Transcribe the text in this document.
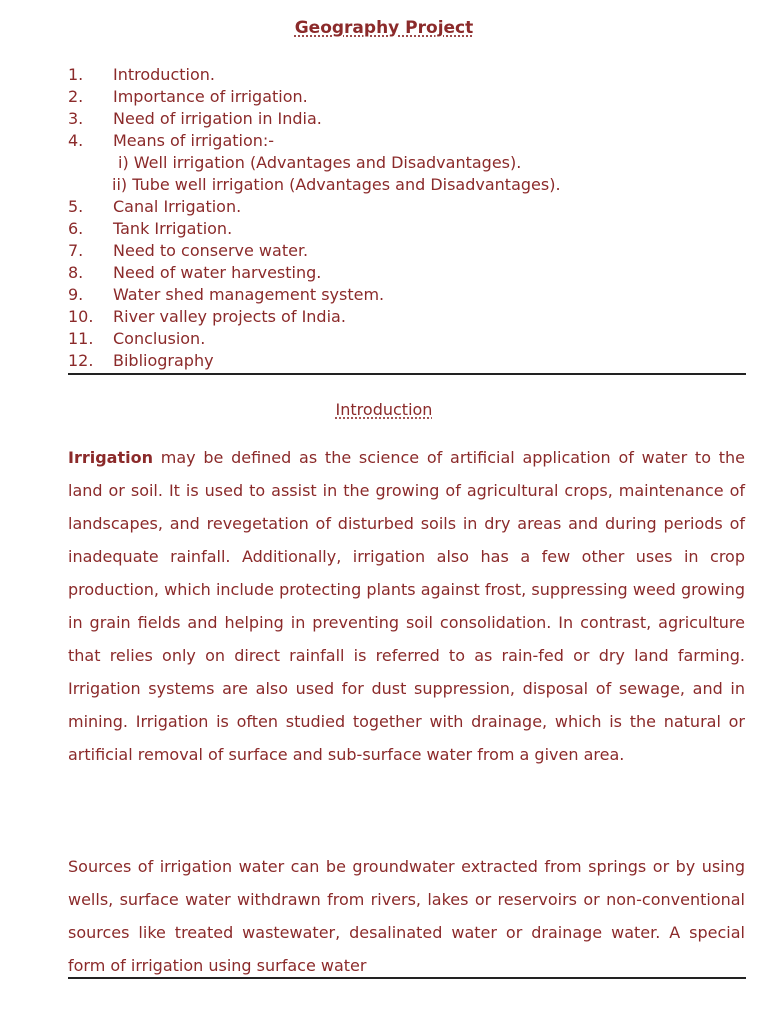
Geography Project
1. Introduction.
2. Importance of irrigation.
3. Need of irrigation in India.
4. Means of irrigation:-
i) Well irrigation (Advantages and Disadvantages).
ii) Tube well irrigation (Advantages and Disadvantages).
5. Canal Irrigation.
6. Tank Irrigation.
7. Need to conserve water.
8. Need of water harvesting.
9. Water shed management system.
10. River valley projects of India.
11. Conclusion.
12. Bibliography
Introduction

Irrigation may be defined as the science of artificial application of water to the land or soil. It is used to assist in the growing of agricultural crops, maintenance of landscapes, and revegetation of disturbed soils in dry areas and during periods of inadequate rainfall. Additionally, irrigation also has a few other uses in crop production, which include protecting plants against frost, suppressing weed growing in grain fields and helping in preventing soil consolidation. In contrast, agriculture that relies only on direct rainfall is referred to as rain-fed or dry land farming. Irrigation systems are also used for dust suppression, disposal of sewage, and in mining. Irrigation is often studied together with drainage, which is the natural or artificial removal of surface and sub-surface water from a given area.

Sources of irrigation water can be groundwater extracted from springs or by using wells, surface water withdrawn from rivers, lakes or reservoirs or non-conventional sources like treated wastewater, desalinated water or drainage water. A special form of irrigation using surface water
